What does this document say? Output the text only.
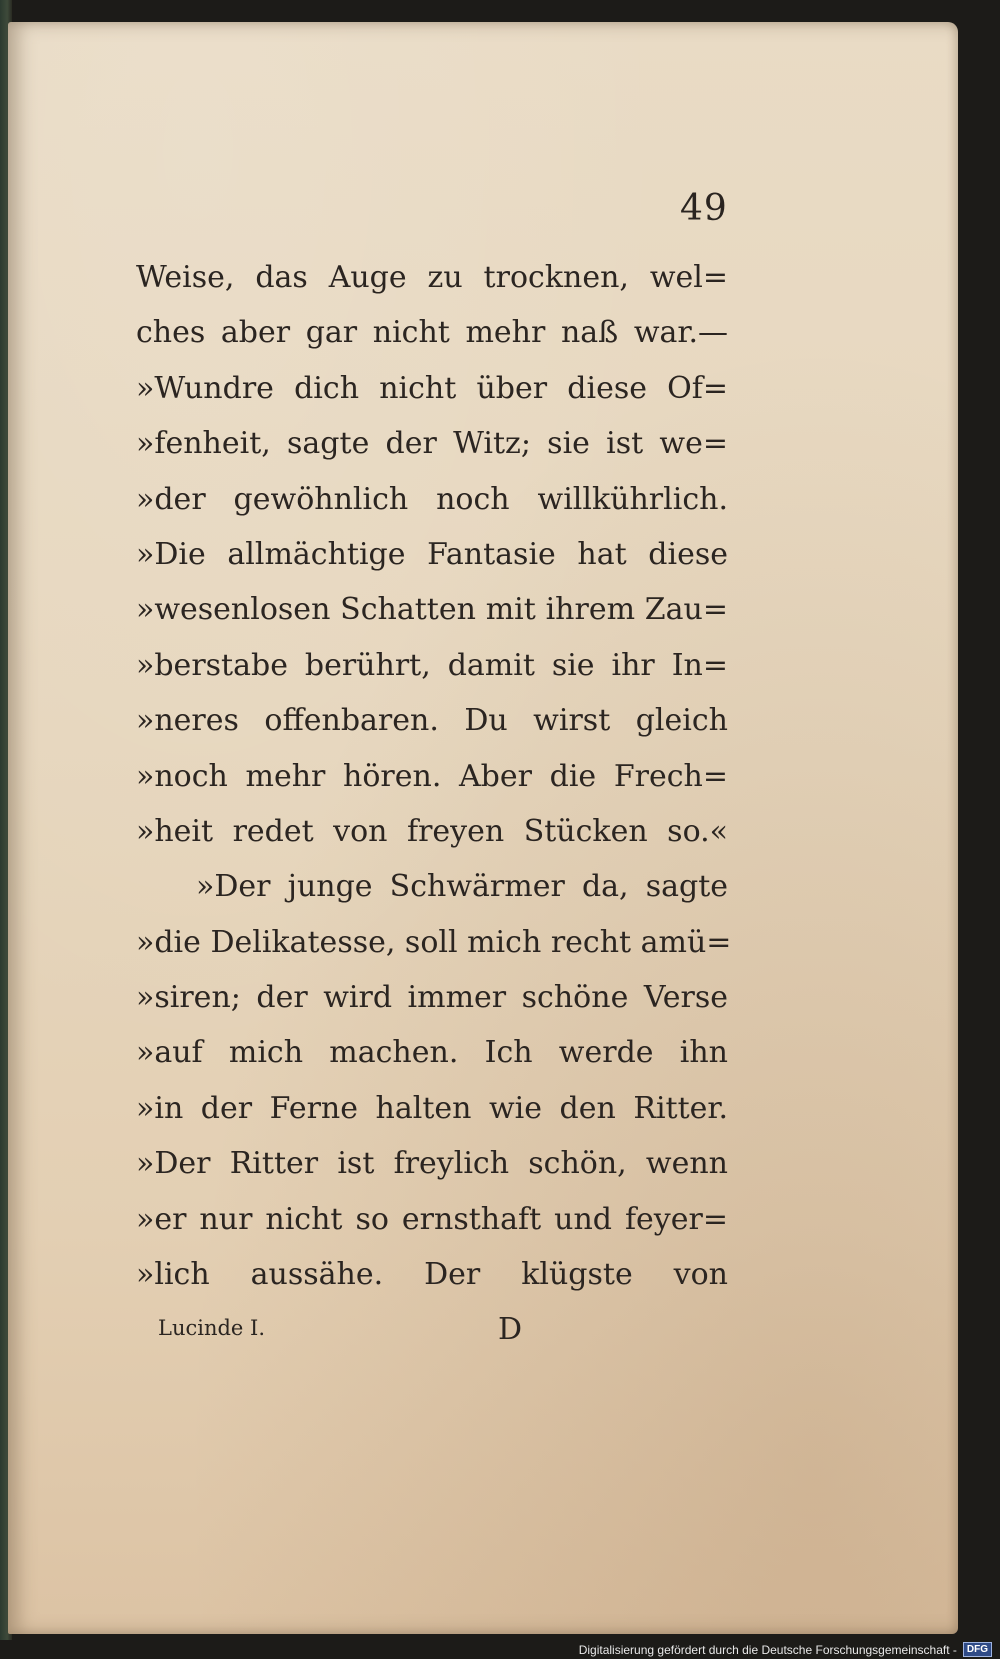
49
Weise, das Auge zu trocknen, wel=
ches aber gar nicht mehr naß war.—
»Wundre dich nicht über diese Of=
»fenheit, sagte der Witz; sie ist we=
»der gewöhnlich noch willkührlich.
»Die allmächtige Fantasie hat diese
»wesenlosen Schatten mit ihrem Zau=
»berstabe berührt, damit sie ihr In=
»neres offenbaren. Du wirst gleich
»noch mehr hören. Aber die Frech=
»heit redet von freyen Stücken so.«
»Der junge Schwärmer da, sagte
»die Delikatesse, soll mich recht amü=
»siren; der wird immer schöne Verse
»auf mich machen. Ich werde ihn
»in der Ferne halten wie den Ritter.
»Der Ritter ist freylich schön, wenn
»er nur nicht so ernsthaft und feyer=
»lich aussähe. Der klügste von
Lucinde I.	D
Digitalisierung gefördert durch die Deutsche Forschungsgemeinschaft -	DFG
